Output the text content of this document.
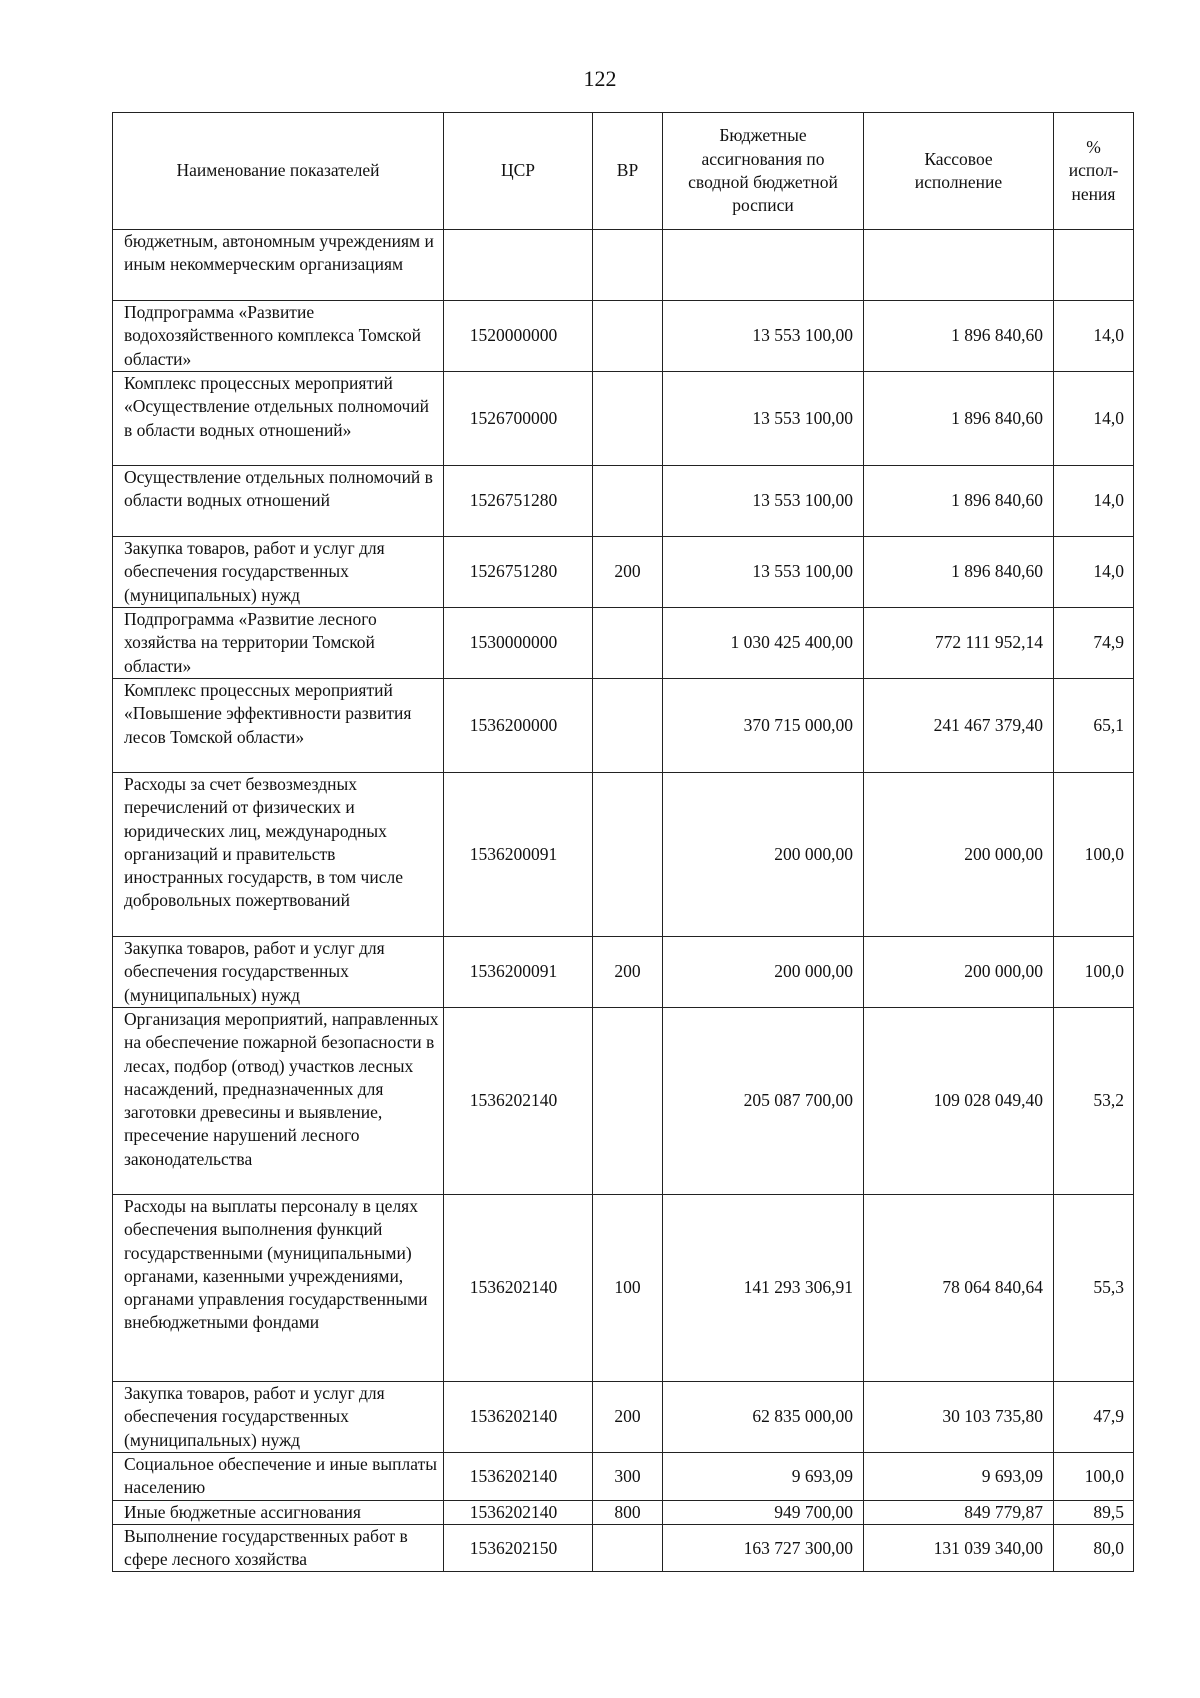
122
Наименование показателей	ЦСР	ВР	Бюджетные ассигнования по сводной бюджетной росписи	Кассовое исполнение	% испол-нения
бюджетным, автономным учреждениям и иным некоммерческим организациям					
Подпрограмма «Развитие водохозяйственного комплекса Томской области»	1520000000		13 553 100,00	1 896 840,60	14,0
Комплекс процессных мероприятий «Осуществление отдельных полномочий в области водных отношений»	1526700000		13 553 100,00	1 896 840,60	14,0
Осуществление отдельных полномочий в области водных отношений	1526751280		13 553 100,00	1 896 840,60	14,0
Закупка товаров, работ и услуг для обеспечения государственных (муниципальных) нужд	1526751280	200	13 553 100,00	1 896 840,60	14,0
Подпрограмма «Развитие лесного хозяйства на территории Томской области»	1530000000		1 030 425 400,00	772 111 952,14	74,9
Комплекс процессных мероприятий «Повышение эффективности развития лесов Томской области»	1536200000		370 715 000,00	241 467 379,40	65,1
Расходы за счет безвозмездных перечислений от физических и юридических лиц, международных организаций и правительств иностранных государств, в том числе добровольных пожертвований	1536200091		200 000,00	200 000,00	100,0
Закупка товаров, работ и услуг для обеспечения государственных (муниципальных) нужд	1536200091	200	200 000,00	200 000,00	100,0
Организация мероприятий, направленных на обеспечение пожарной безопасности в лесах, подбор (отвод) участков лесных насаждений, предназначенных для заготовки древесины и выявление, пресечение нарушений лесного законодательства	1536202140		205 087 700,00	109 028 049,40	53,2
Расходы на выплаты персоналу в целях обеспечения выполнения функций государственными (муниципальными) органами, казенными учреждениями, органами управления государственными внебюджетными фондами	1536202140	100	141 293 306,91	78 064 840,64	55,3
Закупка товаров, работ и услуг для обеспечения государственных (муниципальных) нужд	1536202140	200	62 835 000,00	30 103 735,80	47,9
Социальное обеспечение и иные выплаты населению	1536202140	300	9 693,09	9 693,09	100,0
Иные бюджетные ассигнования	1536202140	800	949 700,00	849 779,87	89,5
Выполнение государственных работ в сфере лесного хозяйства	1536202150		163 727 300,00	131 039 340,00	80,0
